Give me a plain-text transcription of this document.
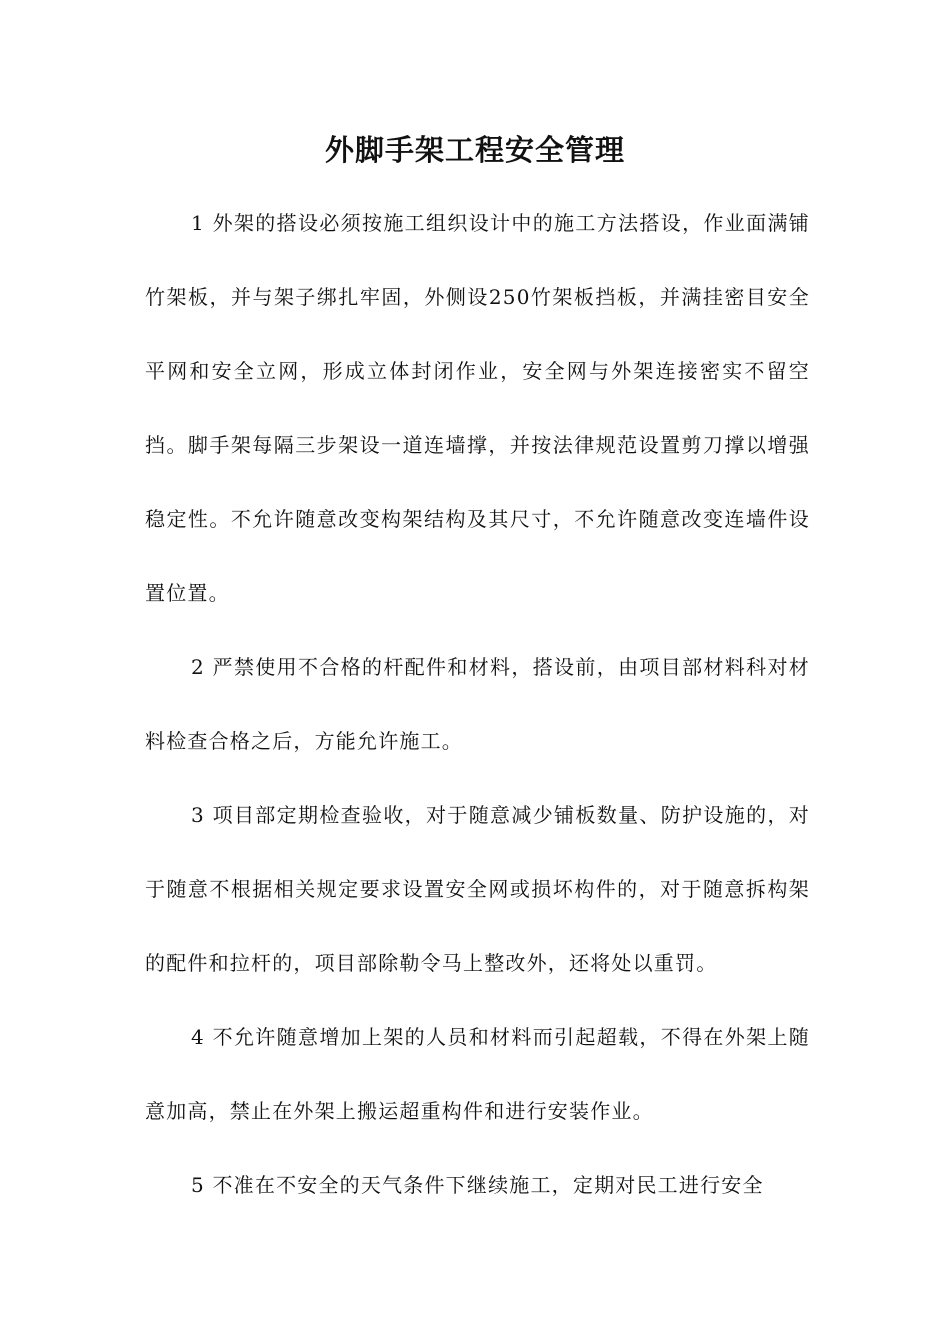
外脚手架工程安全管理

1 外架的搭设必须按施工组织设计中的施工方法搭设，作业面满铺竹架板，并与架子绑扎牢固，外侧设250竹架板挡板，并满挂密目安全平网和安全立网，形成立体封闭作业，安全网与外架连接密实不留空挡。脚手架每隔三步架设一道连墙撑，并按法律规范设置剪刀撑以增强稳定性。不允许随意改变构架结构及其尺寸，不允许随意改变连墙件设置位置。

2 严禁使用不合格的杆配件和材料，搭设前，由项目部材料科对材料检查合格之后，方能允许施工。

3 项目部定期检查验收，对于随意减少铺板数量、防护设施的，对于随意不根据相关规定要求设置安全网或损坏构件的，对于随意拆构架的配件和拉杆的，项目部除勒令马上整改外，还将处以重罚。

4 不允许随意增加上架的人员和材料而引起超载，不得在外架上随意加高，禁止在外架上搬运超重构件和进行安装作业。

5 不准在不安全的天气条件下继续施工，定期对民工进行安全
